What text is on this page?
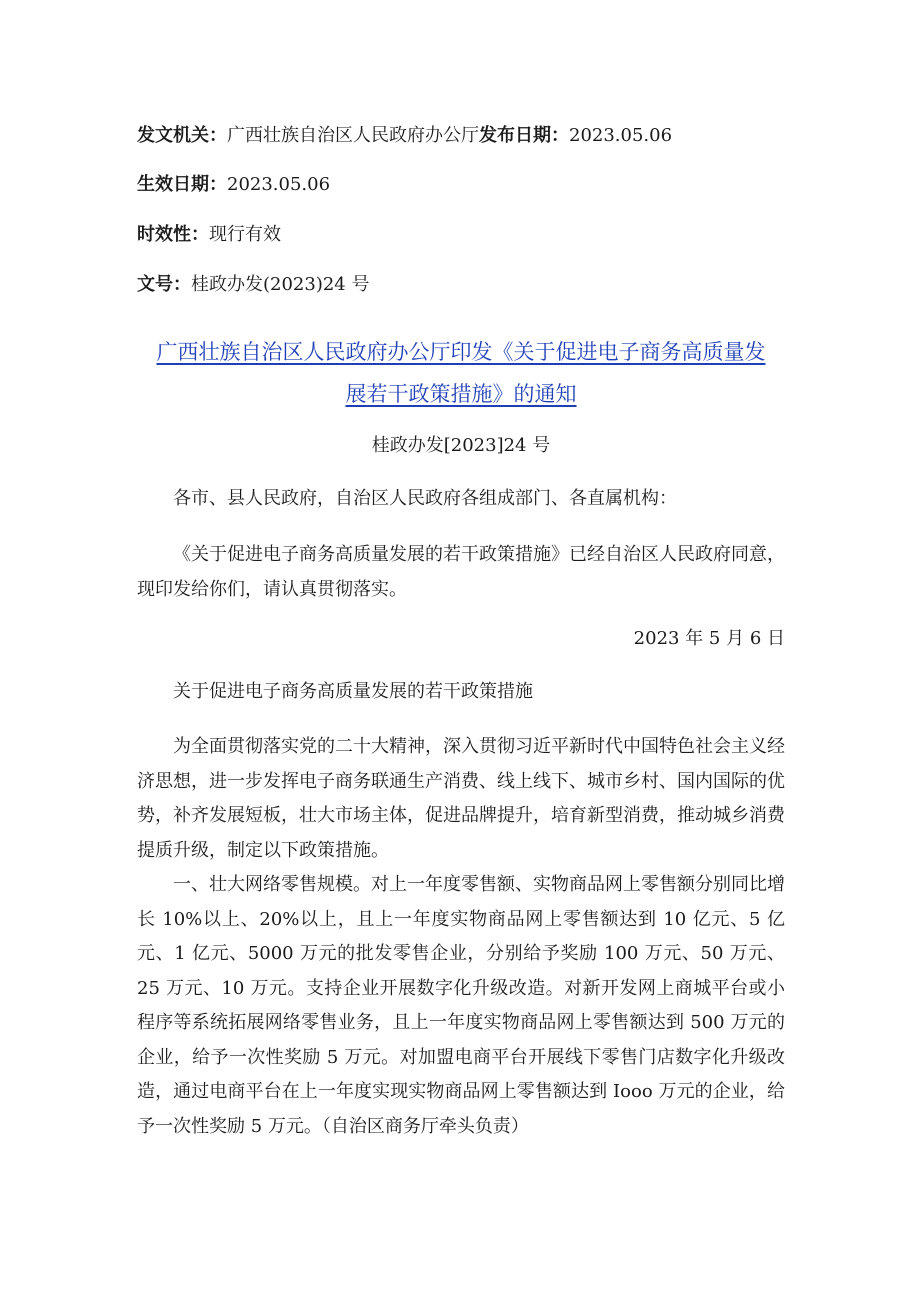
发文机关：广西壮族自治区人民政府办公厅发布日期：2023.05.06
生效日期：2023.05.06
时效性：现行有效
文号：桂政办发(2023)24 号
广西壮族自治区人民政府办公厅印发《关于促进电子商务高质量发
展若干政策措施》的通知
桂政办发[2023]24 号
各市、县人民政府，自治区人民政府各组成部门、各直属机构：
《关于促进电子商务高质量发展的若干政策措施》已经自治区人民政府同意，现印发给你们，请认真贯彻落实。
2023 年 5 月 6 日
关于促进电子商务高质量发展的若干政策措施
为全面贯彻落实党的二十大精神，深入贯彻习近平新时代中国特色社会主义经济思想，进一步发挥电子商务联通生产消费、线上线下、城市乡村、国内国际的优势，补齐发展短板，壮大市场主体，促进品牌提升，培育新型消费，推动城乡消费提质升级，制定以下政策措施。
一、壮大网络零售规模。对上一年度零售额、实物商品网上零售额分别同比增长 10%以上、20%以上，且上一年度实物商品网上零售额达到 10 亿元、5 亿元、1 亿元、5000 万元的批发零售企业，分别给予奖励 100 万元、50 万元、25 万元、10 万元。支持企业开展数字化升级改造。对新开发网上商城平台或小程序等系统拓展网络零售业务，且上一年度实物商品网上零售额达到 500 万元的企业，给予一次性奖励 5 万元。对加盟电商平台开展线下零售门店数字化升级改造，通过电商平台在上一年度实现实物商品网上零售额达到 Iooo 万元的企业，给予一次性奖励 5 万元。（自治区商务厅牵头负责）
